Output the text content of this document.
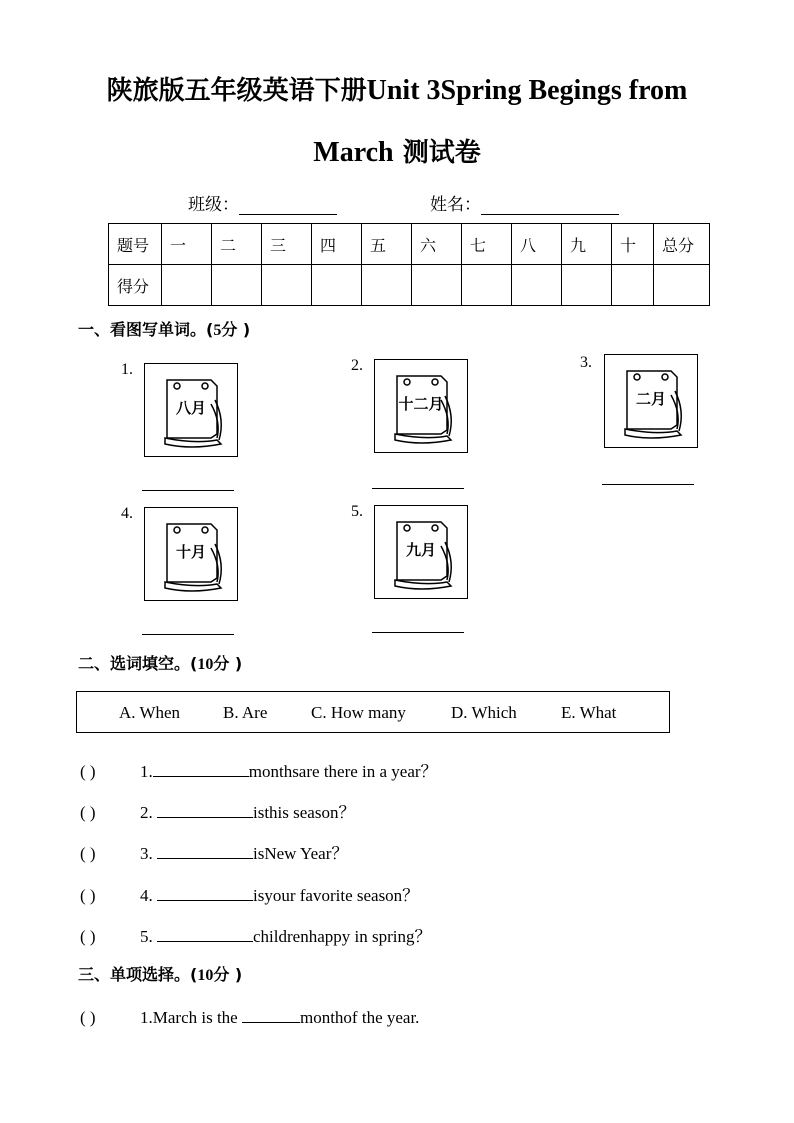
陕旅版五年级英语下册Unit 3Spring Begings from
March 测试卷
班级：	姓名：
题号	一	二	三	四	五	六	七	八	九	十	总分
得分											
一、看图写单词。(5分 )
1.
八月
2.
十二月
3.
二月
4.
十月
5.
九月
二、选词填空。(10分 )
A. When	B. Are	C. How many	D. Which	E. What
( )	1.	monthsare there in a year？
( )	2.	isthis season？
( )	3.	isNew Year？
( )	4.	isyour favorite season？
( )	5.	childrenhappy in spring？
三、单项选择。(10分 )
( )	1.March is the	monthof the year.
